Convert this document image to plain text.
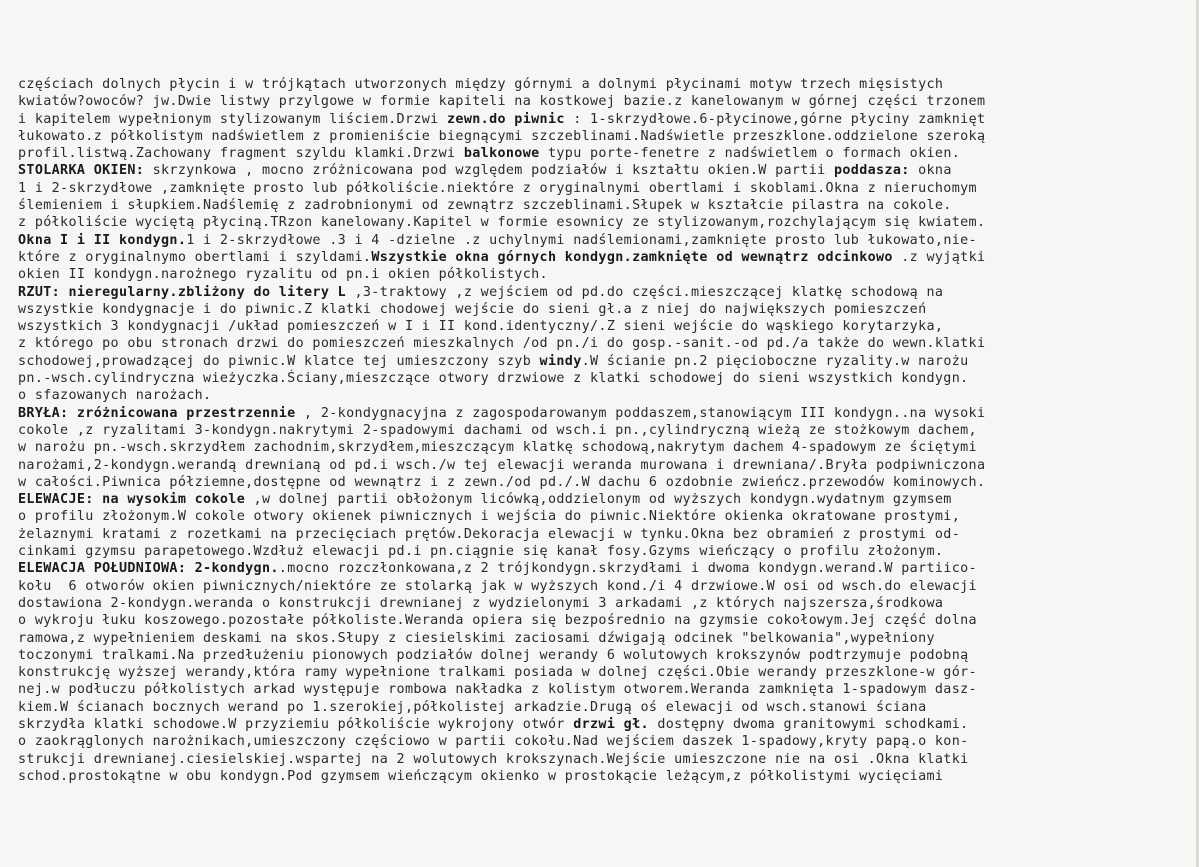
częściach dolnych płycin i w trójkątach utworzonych między górnymi a dolnymi płycinami motyw trzech mięsistych
kwiatów?owoców? jw.Dwie listwy przylgowe w formie kapiteli na kostkowej bazie.z kanelowanym w górnej części trzonem
i kapitelem wypełnionym stylizowanym liściem.Drzwi zewn.do piwnic : 1-skrzydłowe.6-płycinowe,górne płyciny zamknięt
łukowato.z półkolistym nadświetlem z promieniście biegnącymi szczeblinami.Nadświetle przeszklone.oddzielone szeroką
profil.listwą.Zachowany fragment szyldu klamki.Drzwi balkonowe typu porte-fenetre z nadświetlem o formach okien.
STOLARKA OKIEN: skrzynkowa , mocno zróżnicowana pod względem podziałów i kształtu okien.W partii poddasza: okna
1 i 2-skrzydłowe ,zamknięte prosto lub półkoliście.niektóre z oryginalnymi obertlami i skoblami.Okna z nieruchomym
ślemieniem i słupkiem.Nadślemię z zadrobnionymi od zewnątrz szczeblinami.Słupek w kształcie pilastra na cokole.
z półkoliście wyciętą płyciną.TRzon kanelowany.Kapitel w formie esownicy ze stylizowanym,rozchylającym się kwiatem.
Okna I i II kondygn.1 i 2-skrzydłowe .3 i 4 -dzielne .z uchylnymi nadślemionami,zamknięte prosto lub łukowato,nie-
które z oryginalnymo obertlami i szyldami.Wszystkie okna górnych kondygn.zamknięte od wewnątrz odcinkowo .z wyjątki
okien II kondygn.narożnego ryzalitu od pn.i okien półkolistych.
RZUT: nieregularny.zbliżony do litery L ,3-traktowy ,z wejściem od pd.do części.mieszczącej klatkę schodową na
wszystkie kondygnacje i do piwnic.Z klatki chodowej wejście do sieni gł.a z niej do największych pomieszczeń
wszystkich 3 kondygnacji /układ pomieszczeń w I i II kond.identyczny/.Z sieni wejście do wąskiego korytarzyka,
z którego po obu stronach drzwi do pomieszczeń mieszkalnych /od pn./i do gosp.-sanit.-od pd./a także do wewn.klatki
schodowej,prowadzącej do piwnic.W klatce tej umieszczony szyb windy.W ścianie pn.2 pięcioboczne ryzality.w narożu
pn.-wsch.cylindryczna wieżyczka.Ściany,mieszczące otwory drzwiowe z klatki schodowej do sieni wszystkich kondygn.
o sfazowanych narożach.
BRYŁA: zróżnicowana przestrzennie , 2-kondygnacyjna z zagospodarowanym poddaszem,stanowiącym III kondygn..na wysoki
cokole ,z ryzalitami 3-kondygn.nakrytymi 2-spadowymi dachami od wsch.i pn.,cylindryczną wieżą ze stożkowym dachem,
w narożu pn.-wsch.skrzydłem zachodnim,skrzydłem,mieszczącym klatkę schodową,nakrytym dachem 4-spadowym ze ściętymi
narożami,2-kondygn.werandą drewnianą od pd.i wsch./w tej elewacji weranda murowana i drewniana/.Bryła podpiwniczona
w całości.Piwnica półziemne,dostępne od wewnątrz i z zewn./od pd./.W dachu 6 ozdobnie zwieńcz.przewodów kominowych.
ELEWACJE: na wysokim cokole ,w dolnej partii obłożonym licówką,oddzielonym od wyższych kondygn.wydatnym gzymsem
o profilu złożonym.W cokole otwory okienek piwnicznych i wejścia do piwnic.Niektóre okienka okratowane prostymi,
żelaznymi kratami z rozetkami na przecięciach prętów.Dekoracja elewacji w tynku.Okna bez obramień z prostymi od-
cinkami gzymsu parapetowego.Wzdłuż elewacji pd.i pn.ciągnie się kanał fosy.Gzyms wieńczący o profilu złożonym.
ELEWACJA POŁUDNIOWA: 2-kondygn..mocno rozczłonkowana,z 2 trójkondygn.skrzydłami i dwoma kondygn.werand.W partiico-
kołu  6 otworów okien piwnicznych/niektóre ze stolarką jak w wyższych kond./i 4 drzwiowe.W osi od wsch.do elewacji
dostawiona 2-kondygn.weranda o konstrukcji drewnianej z wydzielonymi 3 arkadami ,z których najszersza,środkowa
o wykroju łuku koszowego.pozostałe półkoliste.Weranda opiera się bezpośrednio na gzymsie cokołowym.Jej część dolna
ramowa,z wypełnieniem deskami na skos.Słupy z ciesielskimi zaciosami dźwigają odcinek "belkowania",wypełniony
toczonymi tralkami.Na przedłużeniu pionowych podziałów dolnej werandy 6 wolutowych krokszynów podtrzymuje podobną
konstrukcję wyższej werandy,która ramy wypełnione tralkami posiada w dolnej części.Obie werandy przeszklone-w gór-
nej.w podłuczu półkolistych arkad występuje rombowa nakładka z kolistym otworem.Weranda zamknięta 1-spadowym dasz-
kiem.W ścianach bocznych werand po 1.szerokiej,półkolistej arkadzie.Drugą oś elewacji od wsch.stanowi ściana
skrzydła klatki schodowe.W przyziemiu półkoliście wykrojony otwór drzwi gł. dostępny dwoma granitowymi schodkami.
o zaokrąglonych narożnikach,umieszczony częściowo w partii cokołu.Nad wejściem daszek 1-spadowy,kryty papą.o kon-
strukcji drewnianej.ciesielskiej.wspartej na 2 wolutowych krokszynach.Wejście umieszczone nie na osi .Okna klatki
schod.prostokątne w obu kondygn.Pod gzymsem wieńczącym okienko w prostokącie leżącym,z półkolistymi wycięciami
